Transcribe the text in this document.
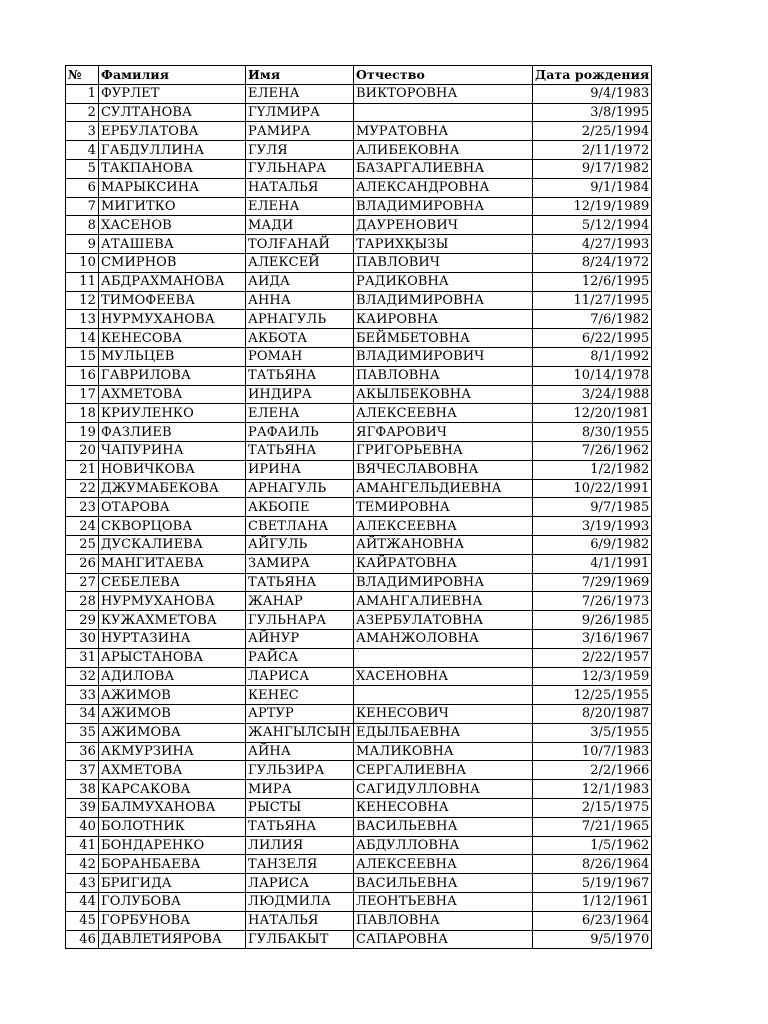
№	Фамилия	Имя	Отчество	Дата рождения
1	ФУРЛЕТ	ЕЛЕНА	ВИКТОРОВНА	9/4/1983
2	СУЛТАНОВА	ГҮЛМИРА		3/8/1995
3	ЕРБУЛАТОВА	РАМИРА	МУРАТОВНА	2/25/1994
4	ГАБДУЛЛИНА	ГУЛЯ	АЛИБЕКОВНА	2/11/1972
5	ТАКПАНОВА	ГУЛЬНАРА	БАЗАРГАЛИЕВНА	9/17/1982
6	МАРЫКСИНА	НАТАЛЬЯ	АЛЕКСАНДРОВНА	9/1/1984
7	МИГИТКО	ЕЛЕНА	ВЛАДИМИРОВНА	12/19/1989
8	ХАСЕНОВ	МАДИ	ДАУРЕНОВИЧ	5/12/1994
9	АТАШЕВА	ТОЛҒАНАЙ	ТАРИХҚЫЗЫ	4/27/1993
10	СМИРНОВ	АЛЕКСЕЙ	ПАВЛОВИЧ	8/24/1972
11	АБДРАХМАНОВА	АИДА	РАДИКОВНА	12/6/1995
12	ТИМОФЕЕВА	АННА	ВЛАДИМИРОВНА	11/27/1995
13	НУРМУХАНОВА	АРНАГУЛЬ	КАИРОВНА	7/6/1982
14	КЕНЕСОВА	АКБОТА	БЕЙМБЕТОВНА	6/22/1995
15	МУЛЬЦЕВ	РОМАН	ВЛАДИМИРОВИЧ	8/1/1992
16	ГАВРИЛОВА	ТАТЬЯНА	ПАВЛОВНА	10/14/1978
17	АХМЕТОВА	ИНДИРА	АКЫЛБЕКОВНА	3/24/1988
18	КРИУЛЕНКО	ЕЛЕНА	АЛЕКСЕЕВНА	12/20/1981
19	ФАЗЛИЕВ	РАФАИЛЬ	ЯГФАРОВИЧ	8/30/1955
20	ЧАПУРИНА	ТАТЬЯНА	ГРИГОРЬЕВНА	7/26/1962
21	НОВИЧКОВА	ИРИНА	ВЯЧЕСЛАВОВНА	1/2/1982
22	ДЖУМАБЕКОВА	АРНАГУЛЬ	АМАНГЕЛЬДИЕВНА	10/22/1991
23	ОТАРОВА	АКБОПЕ	ТЕМИРОВНА	9/7/1985
24	СКВОРЦОВА	СВЕТЛАНА	АЛЕКСЕЕВНА	3/19/1993
25	ДУСКАЛИЕВА	АЙГУЛЬ	АЙТЖАНОВНА	6/9/1982
26	МАНГИТАЕВА	ЗАМИРА	КАЙРАТОВНА	4/1/1991
27	СЕБЕЛЕВА	ТАТЬЯНА	ВЛАДИМИРОВНА	7/29/1969
28	НУРМУХАНОВА	ЖАНАР	АМАНГАЛИЕВНА	7/26/1973
29	КУЖАХМЕТОВА	ГУЛЬНАРА	АЗЕРБУЛАТОВНА	9/26/1985
30	НУРТАЗИНА	АЙНУР	АМАНЖОЛОВНА	3/16/1967
31	АРЫСТАНОВА	РАЙСА		2/22/1957
32	АДИЛОВА	ЛАРИСА	ХАСЕНОВНА	12/3/1959
33	АЖИМОВ	КЕНЕС		12/25/1955
34	АЖИМОВ	АРТУР	КЕНЕСОВИЧ	8/20/1987
35	АЖИМОВА	ЖАНГЫЛСЫН	ЕДЫЛБАЕВНА	3/5/1955
36	АКМУРЗИНА	АЙНА	МАЛИКОВНА	10/7/1983
37	АХМЕТОВА	ГУЛЬЗИРА	СЕРГАЛИЕВНА	2/2/1966
38	КАРСАКОВА	МИРА	САГИДУЛЛОВНА	12/1/1983
39	БАЛМУХАНОВА	РЫСТЫ	КЕНЕСОВНА	2/15/1975
40	БОЛОТНИК	ТАТЬЯНА	ВАСИЛЬЕВНА	7/21/1965
41	БОНДАРЕНКО	ЛИЛИЯ	АБДУЛЛОВНА	1/5/1962
42	БОРАНБАЕВА	ТАНЗЕЛЯ	АЛЕКСЕЕВНА	8/26/1964
43	БРИГИДА	ЛАРИСА	ВАСИЛЬЕВНА	5/19/1967
44	ГОЛУБОВА	ЛЮДМИЛА	ЛЕОНТЬЕВНА	1/12/1961
45	ГОРБУНОВА	НАТАЛЬЯ	ПАВЛОВНА	6/23/1964
46	ДАВЛЕТИЯРОВА	ГУЛБАКЫТ	САПАРОВНА	9/5/1970
